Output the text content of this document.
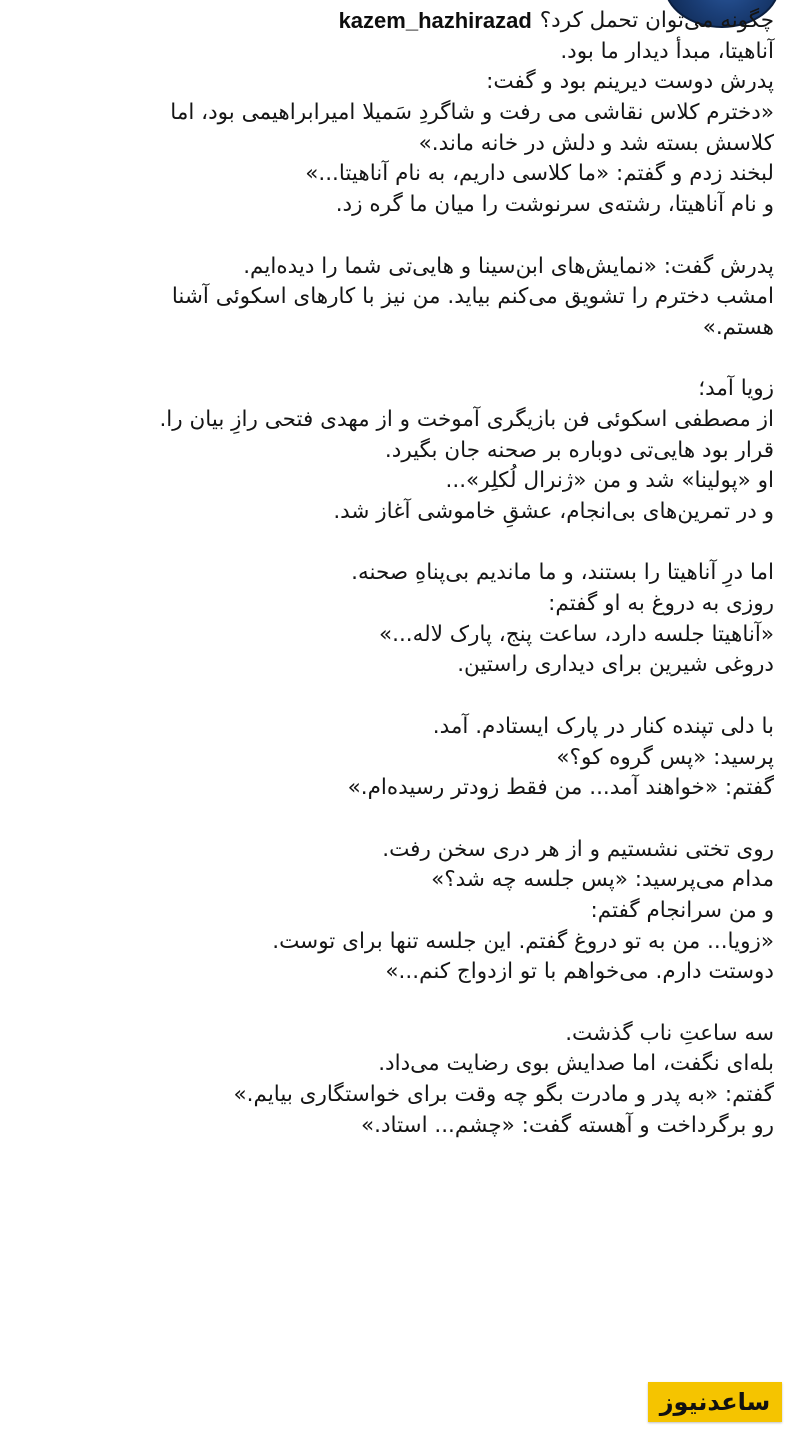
kazem_hazhirazad چگونه می‌توان تحمل کرد؟
آناهیتا، مبدأ دیدار ما بود.
پدرش دوست دیرینم بود و گفت:
«دخترم کلاس نقاشی می رفت و شاگردِ سَمیلا امیرابراهیمی بود، اما
کلاسش بسته شد و دلش در خانه ماند.»
لبخند زدم و گفتم: «ما کلاسی داریم، به نام آناهیتا...»
و نام آناهیتا، رشته‌ی سرنوشت را میان ما گره زد.
پدرش گفت: «نمایش‌های ابن‌سینا و هایی‌تی شما را دیده‌ایم.
امشب دخترم را تشویق می‌کنم بیاید. من نیز با کارهای اسکوئی آشنا
هستم.»
زویا آمد؛
از مصطفی اسکوئی فن بازیگری آموخت و از مهدی فتحی رازِ بیان را.
قرار بود هایی‌تی دوباره بر صحنه جان بگیرد.
او «پولینا» شد و من «ژنرال لُکلِر»...
و در تمرین‌های بی‌انجام، عشقِ خاموشی آغاز شد.
اما درِ آناهیتا را بستند، و ما ماندیم بی‌پناهِ صحنه.
روزی به دروغ به او گفتم:
«آناهیتا جلسه دارد، ساعت پنج، پارک لاله...»
دروغی شیرین برای دیداری راستین.
با دلی تپنده کنار در پارک ایستادم. آمد.
پرسید: «پس گروه کو؟»
گفتم: «خواهند آمد... من فقط زودتر رسیده‌ام.»
روی تختی نشستیم و از هر دری سخن رفت.
مدام می‌پرسید: «پس جلسه چه شد؟»
و من سرانجام گفتم:
«زویا... من به تو دروغ گفتم. این جلسه تنها برای توست.
دوستت دارم. می‌خواهم با تو ازدواج کنم...»
سه ساعتِ ناب گذشت.
بله‌ای نگفت، اما صدایش بوی رضایت می‌داد.
گفتم: «به پدر و مادرت بگو چه وقت برای خواستگاری بیایم.»
رو برگرداخت و آهسته گفت: «چشم... استاد.»
ساعدنیوز
